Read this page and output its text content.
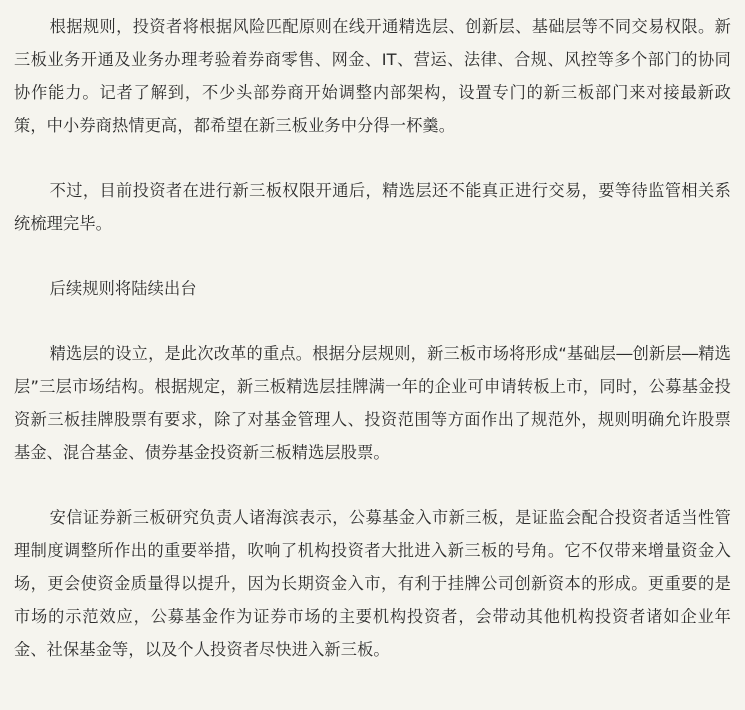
根据规则，投资者将根据风险匹配原则在线开通精选层、创新层、基础层等不同交易权限。新三板业务开通及业务办理考验着券商零售、网金、IT、营运、法律、合规、风控等多个部门的协同协作能力。记者了解到，不少头部券商开始调整内部架构，设置专门的新三板部门来对接最新政策，中小券商热情更高，都希望在新三板业务中分得一杯羹。

不过，目前投资者在进行新三板权限开通后，精选层还不能真正进行交易，要等待监管相关系统梳理完毕。

后续规则将陆续出台

精选层的设立，是此次改革的重点。根据分层规则，新三板市场将形成“基础层―创新层―精选层”三层市场结构。根据规定，新三板精选层挂牌满一年的企业可申请转板上市，同时，公募基金投资新三板挂牌股票有要求，除了对基金管理人、投资范围等方面作出了规范外，规则明确允许股票基金、混合基金、债券基金投资新三板精选层股票。

安信证券新三板研究负责人诸海滨表示，公募基金入市新三板，是证监会配合投资者适当性管理制度调整所作出的重要举措，吹响了机构投资者大批进入新三板的号角。它不仅带来增量资金入场，更会使资金质量得以提升，因为长期资金入市，有利于挂牌公司创新资本的形成。更重要的是市场的示范效应，公募基金作为证券市场的主要机构投资者，会带动其他机构投资者诸如企业年金、社保基金等，以及个人投资者尽快进入新三板。
